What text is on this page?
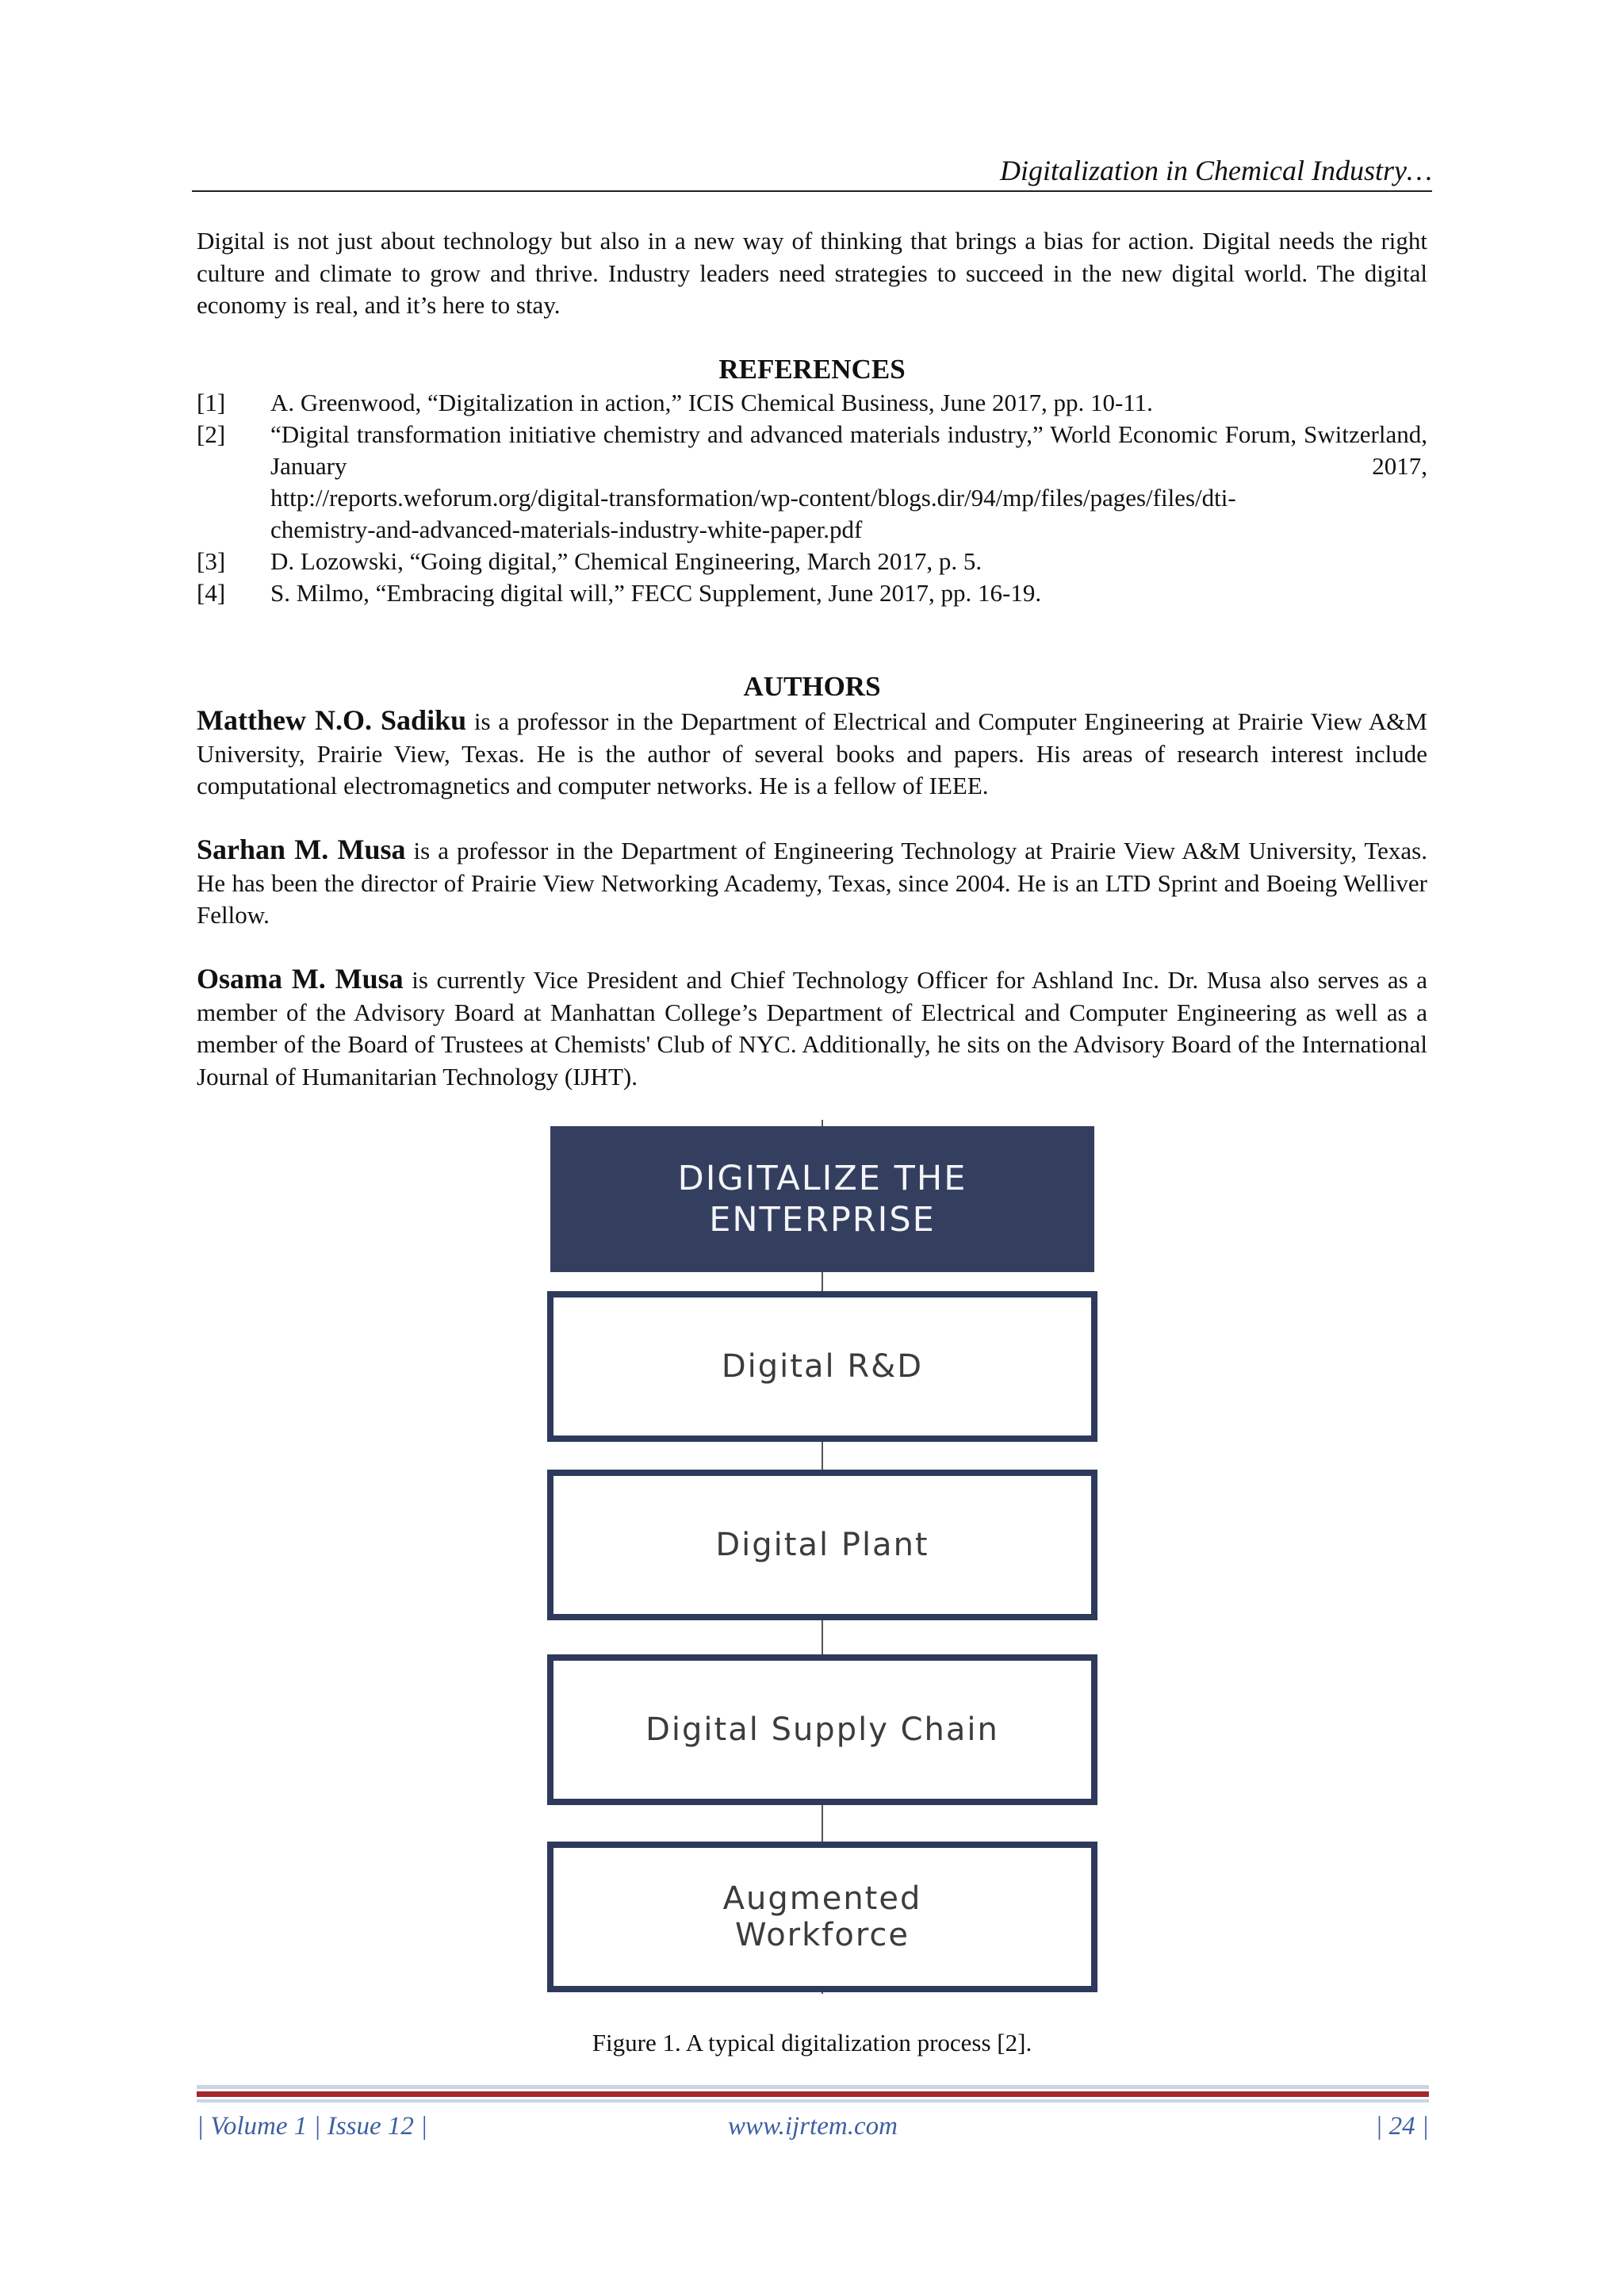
Digitalization in Chemical Industry…

Digital is not just about technology but also in a new way of thinking that brings a bias for action. Digital needs the right culture and climate to grow and thrive. Industry leaders need strategies to succeed in the new digital world. The digital economy is real, and it’s here to stay.

REFERENCES
[1]	A. Greenwood, “Digitalization in action,” ICIS Chemical Business, June 2017, pp. 10-11.
[2]	“Digital transformation initiative chemistry and advanced materials industry,” World Economic Forum, Switzerland, January 2017,
http://reports.weforum.org/digital-transformation/wp-content/blogs.dir/94/mp/files/pages/files/dti-
chemistry-and-advanced-materials-industry-white-paper.pdf
[3]	D. Lozowski, “Going digital,” Chemical Engineering, March 2017, p. 5.
[4]	S. Milmo, “Embracing digital will,” FECC Supplement, June 2017, pp. 16-19.
AUTHORS

Matthew N.O. Sadiku is a professor in the Department of Electrical and Computer Engineering at Prairie View A&M University, Prairie View, Texas. He is the author of several books and papers. His areas of research interest include computational electromagnetics and computer networks. He is a fellow of IEEE.

Sarhan M. Musa is a professor in the Department of Engineering Technology at Prairie View A&M University, Texas. He has been the director of Prairie View Networking Academy, Texas, since 2004. He is an LTD Sprint and Boeing Welliver Fellow.

Osama M. Musa is currently Vice President and Chief Technology Officer for Ashland Inc. Dr. Musa also serves as a member of the Advisory Board at Manhattan College’s Department of Electrical and Computer Engineering as well as a member of the Board of Trustees at Chemists' Club of NYC. Additionally, he sits on the Advisory Board of the International Journal of Humanitarian Technology (IJHT).

DIGITALIZE THE
ENTERPRISE
Digital R&D
Digital Plant
Digital Supply Chain
Augmented
Workforce
Figure 1. A typical digitalization process [2].
| Volume 1 | Issue 12 |	www.ijrtem.com	| 24 |
